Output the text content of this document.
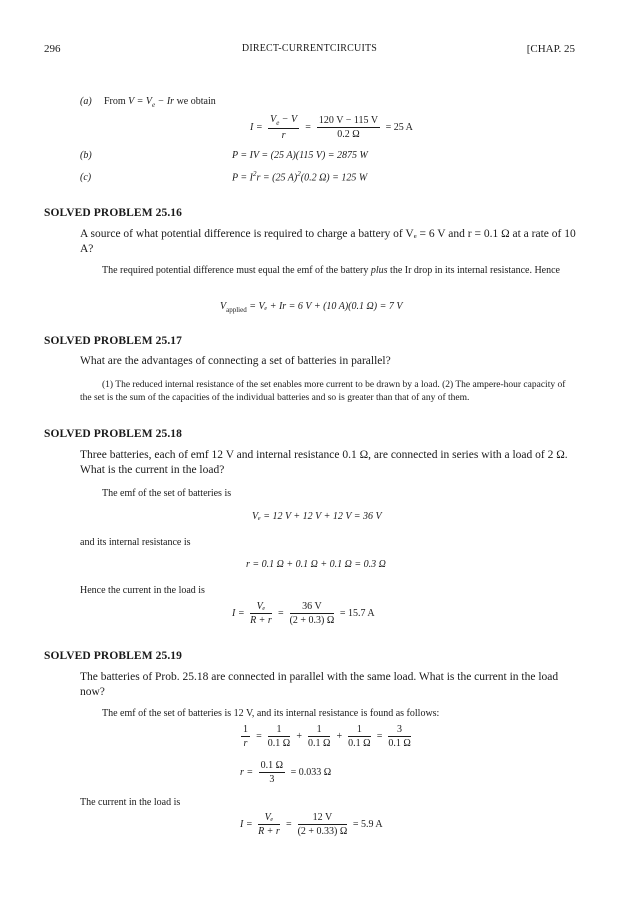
296	DIRECT-CURRENTCIRCUITS	[CHAP. 25
(a) From $V = V_e - Ir$ we obtain
$I = \frac{V_e - V}{r} = \frac{120 V - 115 V}{0.2 \Omega} = 25$ A
(b)	P = IV = (25 A)(115 V) = 2875 W
(c)	$P = I^2r = (25$ A)$^2$(0.2 Ω) = 125 W
SOLVED PROBLEM 25.16
A source of what potential difference is required to charge a battery of Vₑ = 6 V and r = 0.1 Ω at a rate of 10 A?
The required potential difference must equal the emf of the battery plus the Ir drop in its internal resistance. Hence
$V_{applied} = V_e + Ir = 6$ V + (10 A)(0.1 Ω) = 7 V
SOLVED PROBLEM 25.17
What are the advantages of connecting a set of batteries in parallel?
(1) The reduced internal resistance of the set enables more current to be drawn by a load. (2) The ampere-hour capacity of the set is the sum of the capacities of the individual batteries and so is greater than that of any of them.
SOLVED PROBLEM 25.18
Three batteries, each of emf 12 V and internal resistance 0.1 Ω, are connected in series with a load of 2 Ω. What is the current in the load?
The emf of the set of batteries is
Vₑ = 12 V + 12 V + 12 V = 36 V
and its internal resistance is
r = 0.1 Ω + 0.1 Ω + 0.1 Ω = 0.3 Ω
Hence the current in the load is
$I = \frac{\text{Vₑ}}{R + r} = \frac{36 V}{(2 + 0.3) \Omega} = 15.7$ A
SOLVED PROBLEM 25.19
The batteries of Prob. 25.18 are connected in parallel with the same load. What is the current in the load now?
The emf of the set of batteries is 12 V, and its internal resistance is found as follows:
$\frac{1}{r} = \frac{1}{0.1 \Omega} + \frac{1}{0.1 \Omega} + \frac{1}{0.1 \Omega} = \frac{3}{0.1 \Omega}$
$r = \frac{0.1 \Omega}{3} = 0.033$ Ω
The current in the load is
$I = \frac{\text{Vₑ}}{R + r} = \frac{12 V}{(2 + 0.33) \Omega} = 5.9$ A
